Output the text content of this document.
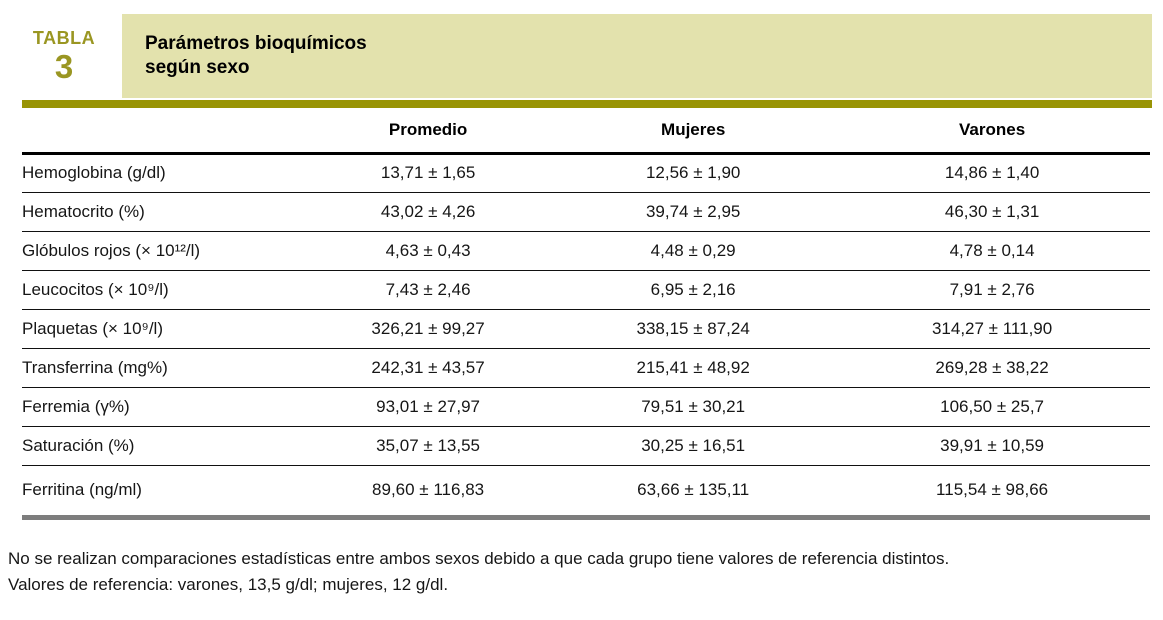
TABLA
3
Parámetros bioquímicos
según sexo
	Promedio	Mujeres	Varones
Hemoglobina (g/dl)	13,71 ± 1,65	12,56 ± 1,90	14,86 ± 1,40
Hematocrito (%)	43,02 ± 4,26	39,74 ± 2,95	46,30 ± 1,31
Glóbulos rojos (× 10¹²/l)	4,63 ± 0,43	4,48 ± 0,29	4,78 ± 0,14
Leucocitos (× 10⁹/l)	7,43 ± 2,46	6,95 ± 2,16	7,91 ± 2,76
Plaquetas (× 10⁹/l)	326,21 ± 99,27	338,15 ± 87,24	314,27 ± 111,90
Transferrina (mg%)	242,31 ± 43,57	215,41 ± 48,92	269,28 ± 38,22
Ferremia (γ%)	93,01 ± 27,97	79,51 ± 30,21	106,50 ± 25,7
Saturación (%)	35,07 ± 13,55	30,25 ± 16,51	39,91 ± 10,59
Ferritina (ng/ml)	89,60 ± 116,83	63,66 ± 135,11	115,54 ± 98,66

No se realizan comparaciones estadísticas entre ambos sexos debido a que cada grupo tiene valores de referencia distintos.

Valores de referencia: varones, 13,5 g/dl; mujeres, 12 g/dl.
